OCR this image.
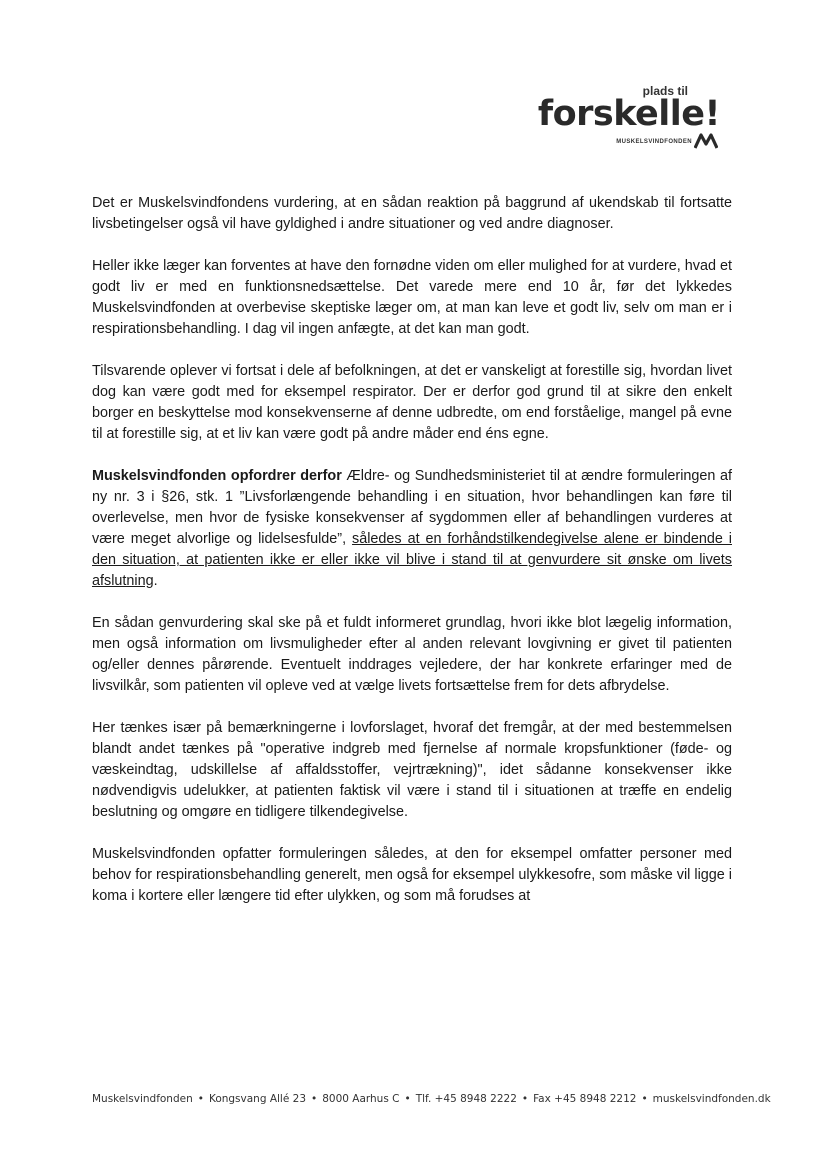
plads til
forskelle!
MUSKELSVINDFONDEN

Det er Muskelsvindfondens vurdering, at en sådan reaktion på baggrund af ukendskab til fortsatte livsbetingelser også vil have gyldighed i andre situationer og ved andre diagnoser.

Heller ikke læger kan forventes at have den fornødne viden om eller mulighed for at vurdere, hvad et godt liv er med en funktionsnedsættelse. Det varede mere end 10 år, før det lykkedes Muskelsvindfonden at overbevise skeptiske læger om, at man kan leve et godt liv, selv om man er i respirationsbehandling. I dag vil ingen anfægte, at det kan man godt.

Tilsvarende oplever vi fortsat i dele af befolkningen, at det er vanskeligt at forestille sig, hvordan livet dog kan være godt med for eksempel respirator. Der er derfor god grund til at sikre den enkelt borger en beskyttelse mod konsekvenserne af denne udbredte, om end forståelige, mangel på evne til at forestille sig, at et liv kan være godt på andre måder end éns egne.

Muskelsvindfonden opfordrer derfor Ældre- og Sundhedsministeriet til at ændre formuleringen af ny nr. 3 i §26, stk. 1 ”Livsforlængende behandling i en situation, hvor behandlingen kan føre til overlevelse, men hvor de fysiske konsekvenser af sygdommen eller af behandlingen vurderes at være meget alvorlige og lidelsesfulde”, således at en forhåndstilkendegivelse alene er bindende i den situation, at patienten ikke er eller ikke vil blive i stand til at genvurdere sit ønske om livets afslutning.

En sådan genvurdering skal ske på et fuldt informeret grundlag, hvori ikke blot lægelig information, men også information om livsmuligheder efter al anden relevant lovgivning er givet til patienten og/eller dennes pårørende. Eventuelt inddrages vejledere, der har konkrete erfaringer med de livsvilkår, som patienten vil opleve ved at vælge livets fortsættelse frem for dets afbrydelse.

Her tænkes især på bemærkningerne i lovforslaget, hvoraf det fremgår, at der med bestemmelsen blandt andet tænkes på "operative indgreb med fjernelse af normale kropsfunktioner (føde- og væskeindtag, udskillelse af affaldsstoffer, vejrtrækning)", idet sådanne konsekvenser ikke nødvendigvis udelukker, at patienten faktisk vil være i stand til i situationen at træffe en endelig beslutning og omgøre en tidligere tilkendegivelse.

Muskelsvindfonden opfatter formuleringen således, at den for eksempel omfatter personer med behov for respirationsbehandling generelt, men også for eksempel ulykkesofre, som måske vil ligge i koma i kortere eller længere tid efter ulykken, og som må forudses at

Muskelsvindfonden • Kongsvang Allé 23 • 8000 Aarhus C • Tlf. +45 8948 2222 • Fax +45 8948 2212 • muskelsvindfonden.dk
